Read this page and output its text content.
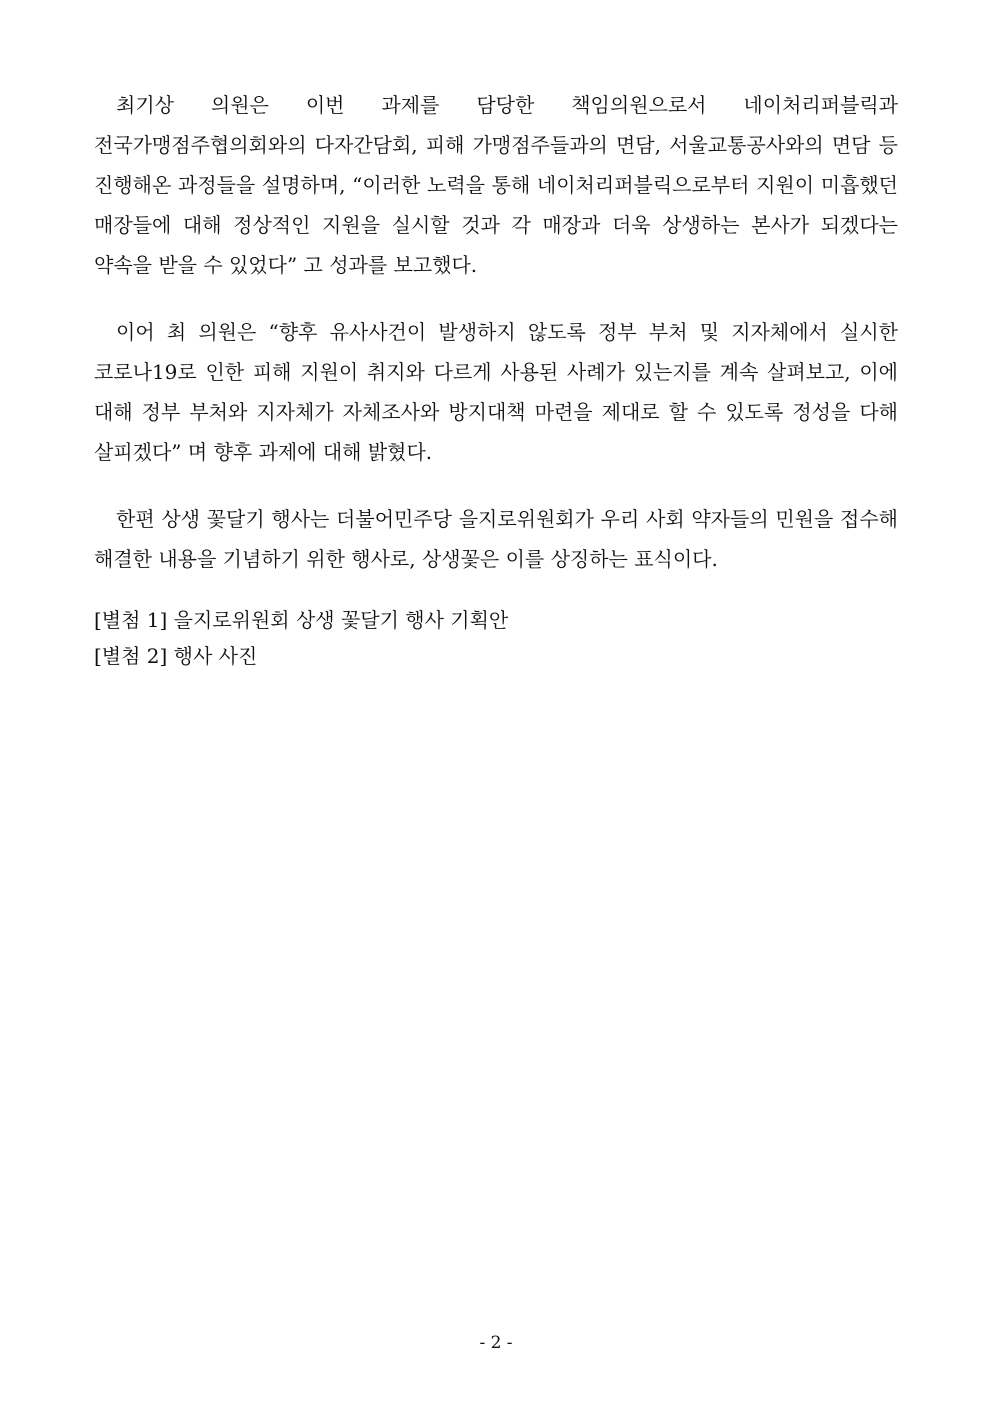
최기상 의원은 이번 과제를 담당한 책임의원으로서 네이처리퍼블릭과 전국가맹점주협의회와의 다자간담회, 피해 가맹점주들과의 면담, 서울교통공사와의 면담 등 진행해온 과정들을 설명하며, “이러한 노력을 통해 네이처리퍼블릭으로부터 지원이 미흡했던 매장들에 대해 정상적인 지원을 실시할 것과 각 매장과 더욱 상생하는 본사가 되겠다는 약속을 받을 수 있었다” 고 성과를 보고했다.

이어 최 의원은 “향후 유사사건이 발생하지 않도록 정부 부처 및 지자체에서 실시한 코로나19로 인한 피해 지원이 취지와 다르게 사용된 사례가 있는지를 계속 살펴보고, 이에 대해 정부 부처와 지자체가 자체조사와 방지대책 마련을 제대로 할 수 있도록 정성을 다해 살피겠다” 며 향후 과제에 대해 밝혔다.

한편 상생 꽃달기 행사는 더불어민주당 을지로위원회가 우리 사회 약자들의 민원을 접수해 해결한 내용을 기념하기 위한 행사로, 상생꽃은 이를 상징하는 표식이다.

[별첨 1] 을지로위원회 상생 꽃달기 행사 기획안

[별첨 2] 행사 사진

- 2 -
